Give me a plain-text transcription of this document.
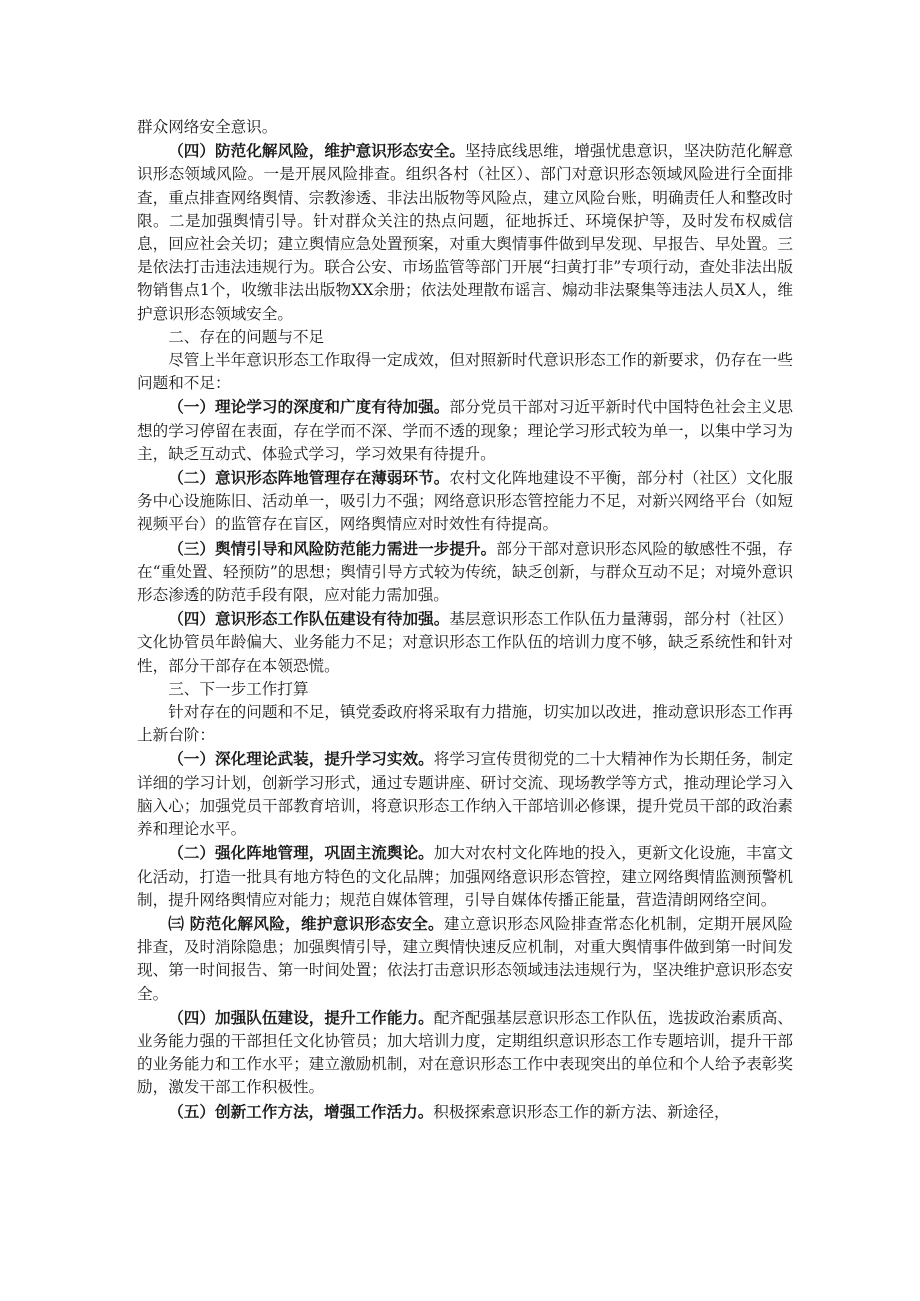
群众网络安全意识。

（四）防范化解风险，维护意识形态安全。坚持底线思维，增强忧患意识，坚决防范化解意识形态领域风险。一是开展风险排查。组织各村（社区）、部门对意识形态领域风险进行全面排查，重点排查网络舆情、宗教渗透、非法出版物等风险点，建立风险台账，明确责任人和整改时限。二是加强舆情引导。针对群众关注的热点问题，征地拆迁、环境保护等，及时发布权威信息，回应社会关切；建立舆情应急处置预案，对重大舆情事件做到早发现、早报告、早处置。三是依法打击违法违规行为。联合公安、市场监管等部门开展“扫黄打非”专项行动，查处非法出版物销售点1个，收缴非法出版物XX余册；依法处理散布谣言、煽动非法聚集等违法人员X人，维护意识形态领域安全。

二、存在的问题与不足

尽管上半年意识形态工作取得一定成效，但对照新时代意识形态工作的新要求，仍存在一些问题和不足：

（一）理论学习的深度和广度有待加强。部分党员干部对习近平新时代中国特色社会主义思想的学习停留在表面，存在学而不深、学而不透的现象；理论学习形式较为单一，以集中学习为主，缺乏互动式、体验式学习，学习效果有待提升。

（二）意识形态阵地管理存在薄弱环节。农村文化阵地建设不平衡，部分村（社区）文化服务中心设施陈旧、活动单一，吸引力不强；网络意识形态管控能力不足，对新兴网络平台（如短视频平台）的监管存在盲区，网络舆情应对时效性有待提高。

（三）舆情引导和风险防范能力需进一步提升。部分干部对意识形态风险的敏感性不强，存在“重处置、轻预防”的思想；舆情引导方式较为传统，缺乏创新，与群众互动不足；对境外意识形态渗透的防范手段有限，应对能力需加强。

（四）意识形态工作队伍建设有待加强。基层意识形态工作队伍力量薄弱，部分村（社区）文化协管员年龄偏大、业务能力不足；对意识形态工作队伍的培训力度不够，缺乏系统性和针对性，部分干部存在本领恐慌。

三、下一步工作打算

针对存在的问题和不足，镇党委政府将采取有力措施，切实加以改进，推动意识形态工作再上新台阶：

（一）深化理论武装，提升学习实效。将学习宣传贯彻党的二十大精神作为长期任务，制定详细的学习计划，创新学习形式，通过专题讲座、研讨交流、现场教学等方式，推动理论学习入脑入心；加强党员干部教育培训，将意识形态工作纳入干部培训必修课，提升党员干部的政治素养和理论水平。

（二）强化阵地管理，巩固主流舆论。加大对农村文化阵地的投入，更新文化设施，丰富文化活动，打造一批具有地方特色的文化品牌；加强网络意识形态管控，建立网络舆情监测预警机制，提升网络舆情应对能力；规范自媒体管理，引导自媒体传播正能量，营造清朗网络空间。

㈢ 防范化解风险，维护意识形态安全。建立意识形态风险排查常态化机制，定期开展风险排查，及时消除隐患；加强舆情引导，建立舆情快速反应机制，对重大舆情事件做到第一时间发现、第一时间报告、第一时间处置；依法打击意识形态领域违法违规行为，坚决维护意识形态安全。

（四）加强队伍建设，提升工作能力。配齐配强基层意识形态工作队伍，选拔政治素质高、业务能力强的干部担任文化协管员；加大培训力度，定期组织意识形态工作专题培训，提升干部的业务能力和工作水平；建立激励机制，对在意识形态工作中表现突出的单位和个人给予表彰奖励，激发干部工作积极性。

（五）创新工作方法，增强工作活力。积极探索意识形态工作的新方法、新途径，
